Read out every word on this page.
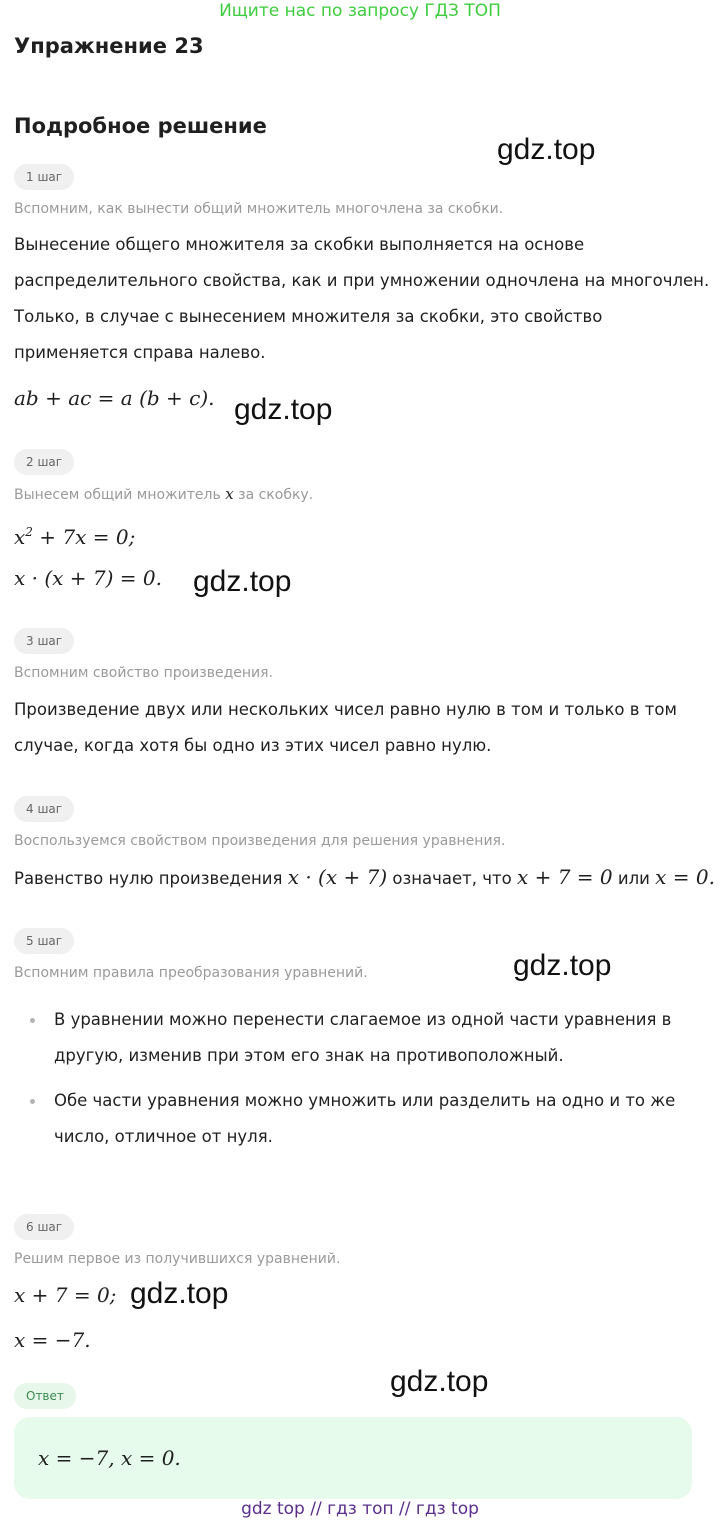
Ищите нас по запросу ГДЗ ТОП
Упражнение 23
Подробное решение
gdz.top
gdz.top
gdz.top
gdz.top
gdz.top
gdz.top
1 шаг
Вспомним, как вынести общий множитель многочлена за скобки.
Вынесение общего множителя за скобки выполняется на основе
распределительного свойства, как и при умножении одночлена на многочлен.
Только, в случае с вынесением множителя за скобки, это свойство
применяется справа налево.
ab + ac = a (b + c).
2 шаг
Вынесем общий множитель x за скобку.
$x^2 + 7x = 0$;
x · (x + 7) = 0.
3 шаг
Вспомним свойство произведения.
Произведение двух или нескольких чисел равно нулю в том и только в том
случае, когда хотя бы одно из этих чисел равно нулю.
4 шаг
Воспользуемся свойством произведения для решения уравнения.
Равенство нулю произведения x · (x + 7) означает, что x + 7 = 0 или x = 0.
5 шаг
Вспомним правила преобразования уравнений.
В уравнении можно перенести слагаемое из одной части уравнения в
другую, изменив при этом его знак на противоположный.
Обе части уравнения можно умножить или разделить на одно и то же
число, отличное от нуля.
6 шаг
Решим первое из получившихся уравнений.
x + 7 = 0;
x = −7.
Ответ
x = −7, x = 0.
gdz top // гдз топ // гдз top
